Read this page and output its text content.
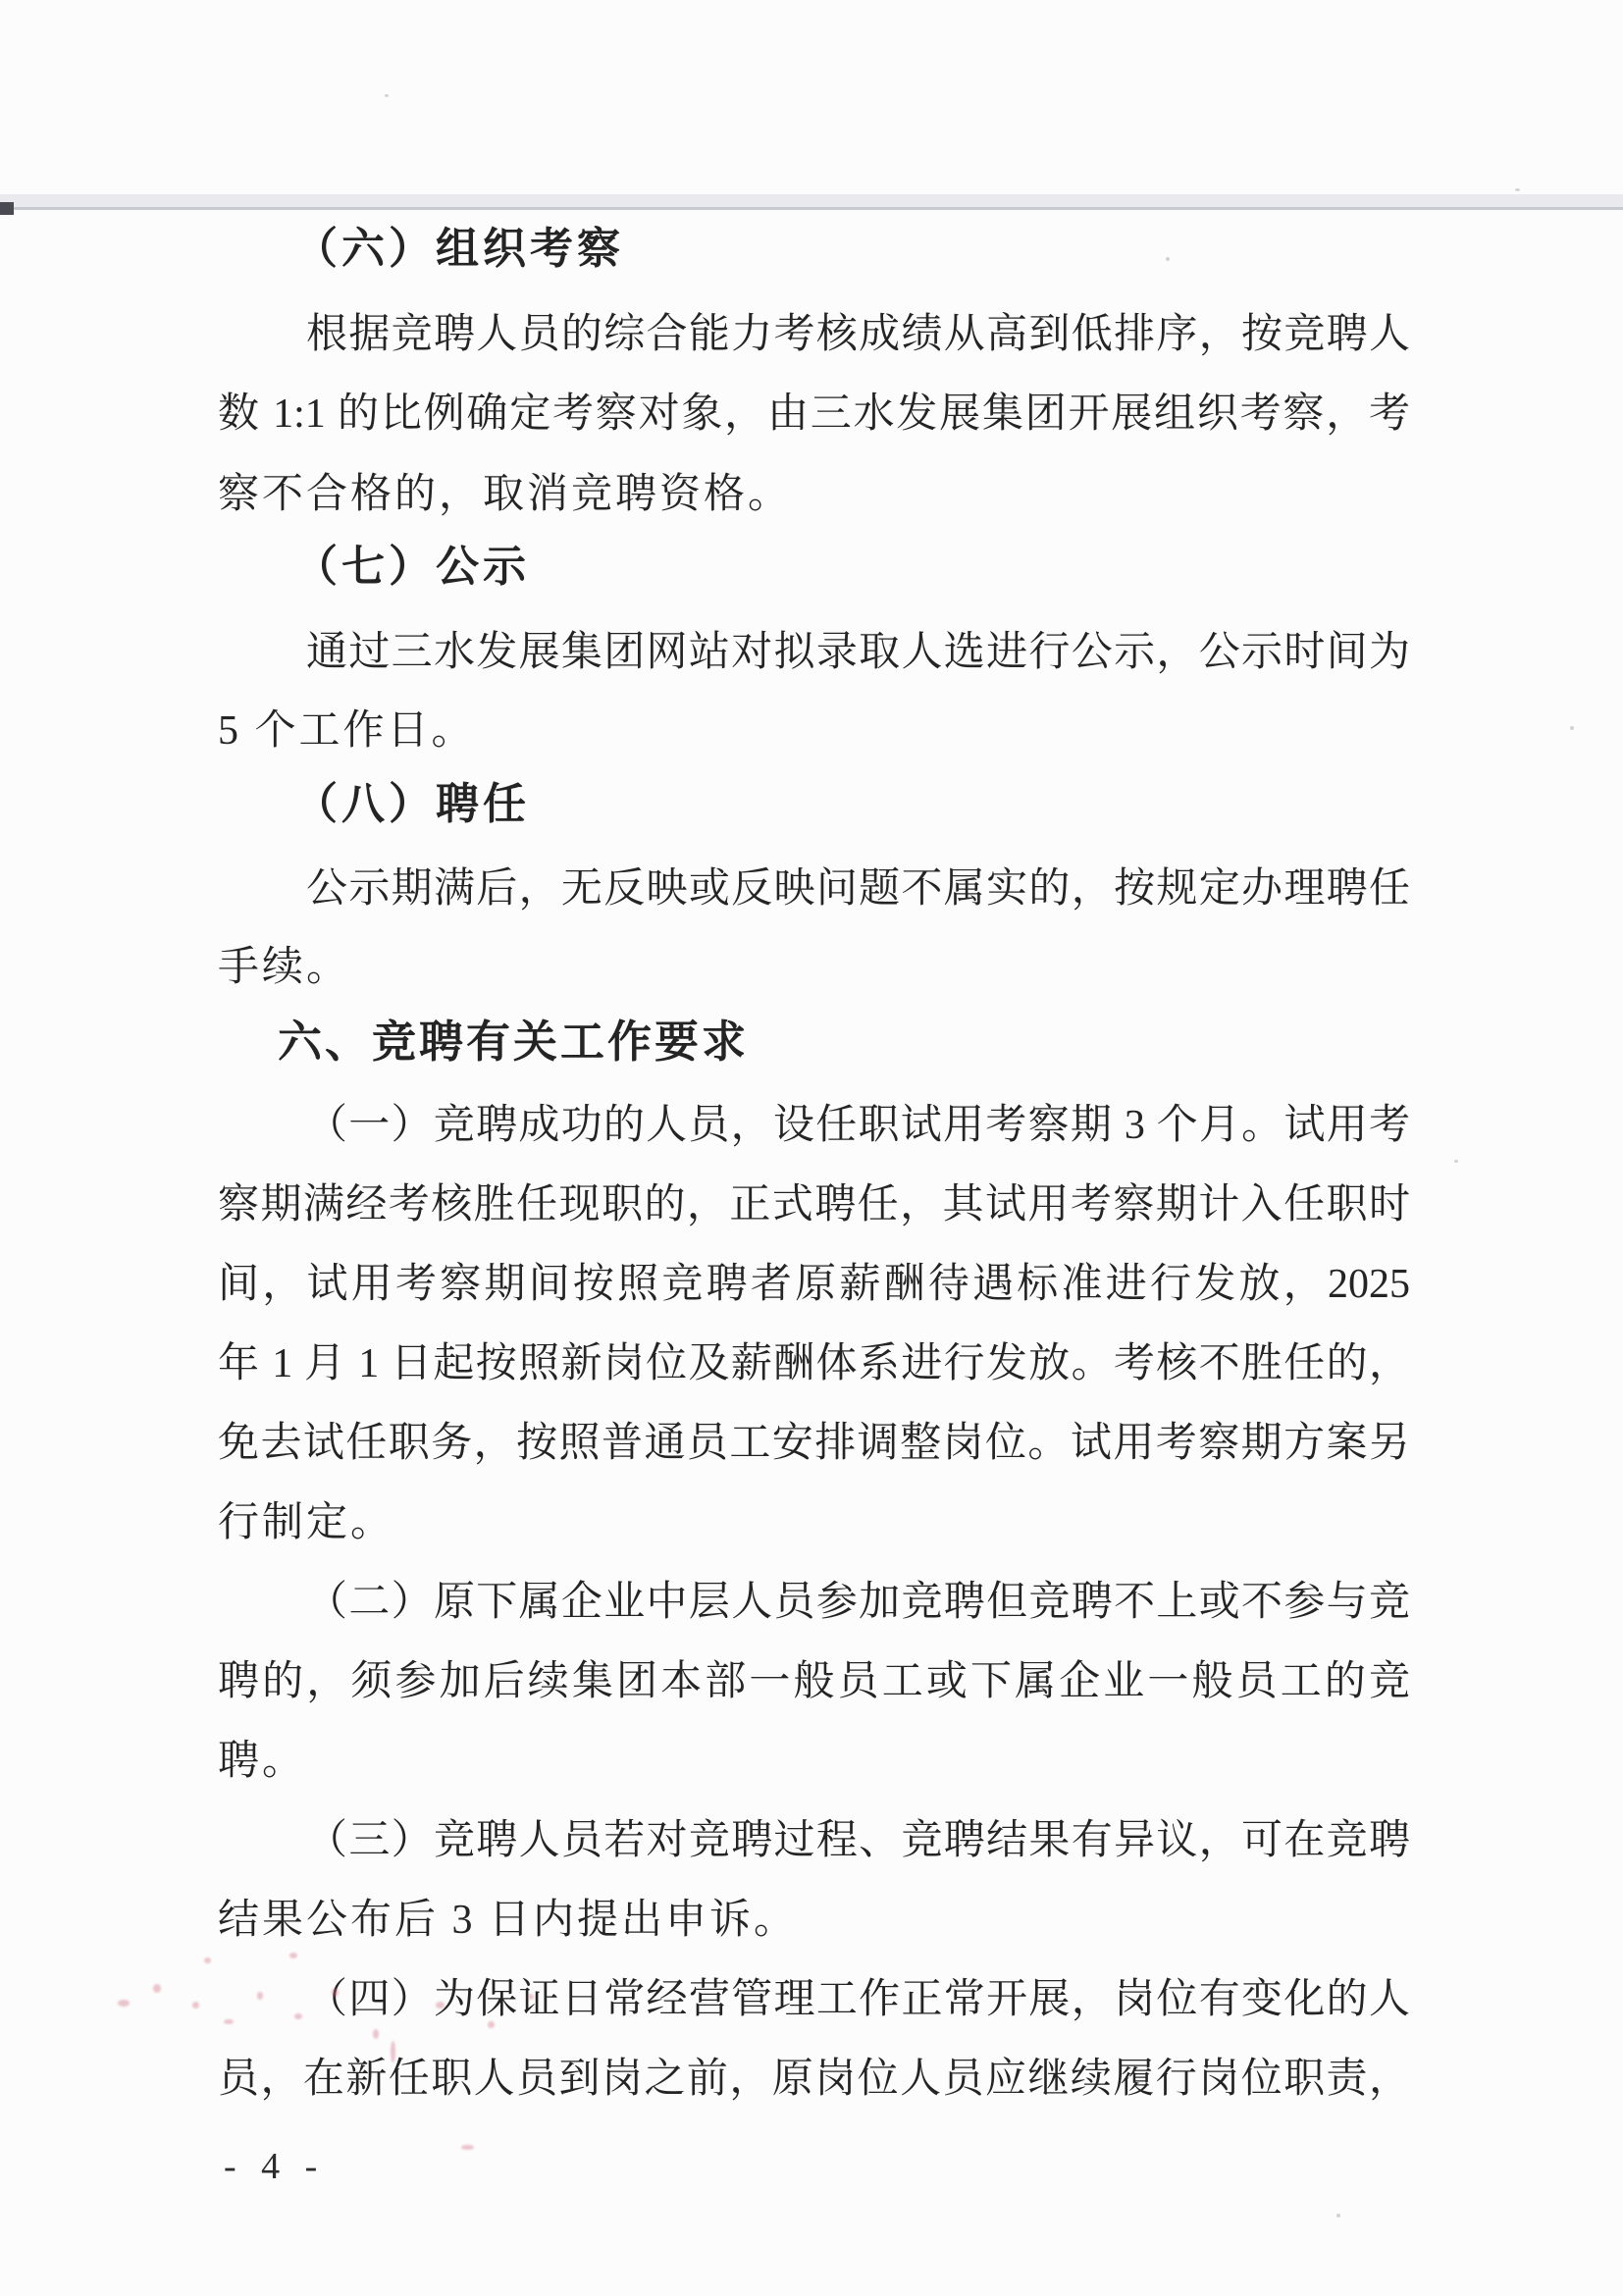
（六）组织考察
根据竞聘人员的综合能力考核成绩从高到低排序，按竞聘人
数 1:1 的比例确定考察对象，由三水发展集团开展组织考察，考
察不合格的，取消竞聘资格。
（七）公示
通过三水发展集团网站对拟录取人选进行公示，公示时间为
5 个工作日。
（八）聘任
公示期满后，无反映或反映问题不属实的，按规定办理聘任
手续。
六、竞聘有关工作要求
（一）竞聘成功的人员，设任职试用考察期 3 个月。试用考
察期满经考核胜任现职的，正式聘任，其试用考察期计入任职时
间，试用考察期间按照竞聘者原薪酬待遇标准进行发放，2025
年 1 月 1 日起按照新岗位及薪酬体系进行发放。考核不胜任的，
免去试任职务，按照普通员工安排调整岗位。试用考察期方案另
行制定。
（二）原下属企业中层人员参加竞聘但竞聘不上或不参与竞
聘的，须参加后续集团本部一般员工或下属企业一般员工的竞
聘。
（三）竞聘人员若对竞聘过程、竞聘结果有异议，可在竞聘
结果公布后 3 日内提出申诉。
（四）为保证日常经营管理工作正常开展，岗位有变化的人
员，在新任职人员到岗之前，原岗位人员应继续履行岗位职责，
- 4 -
